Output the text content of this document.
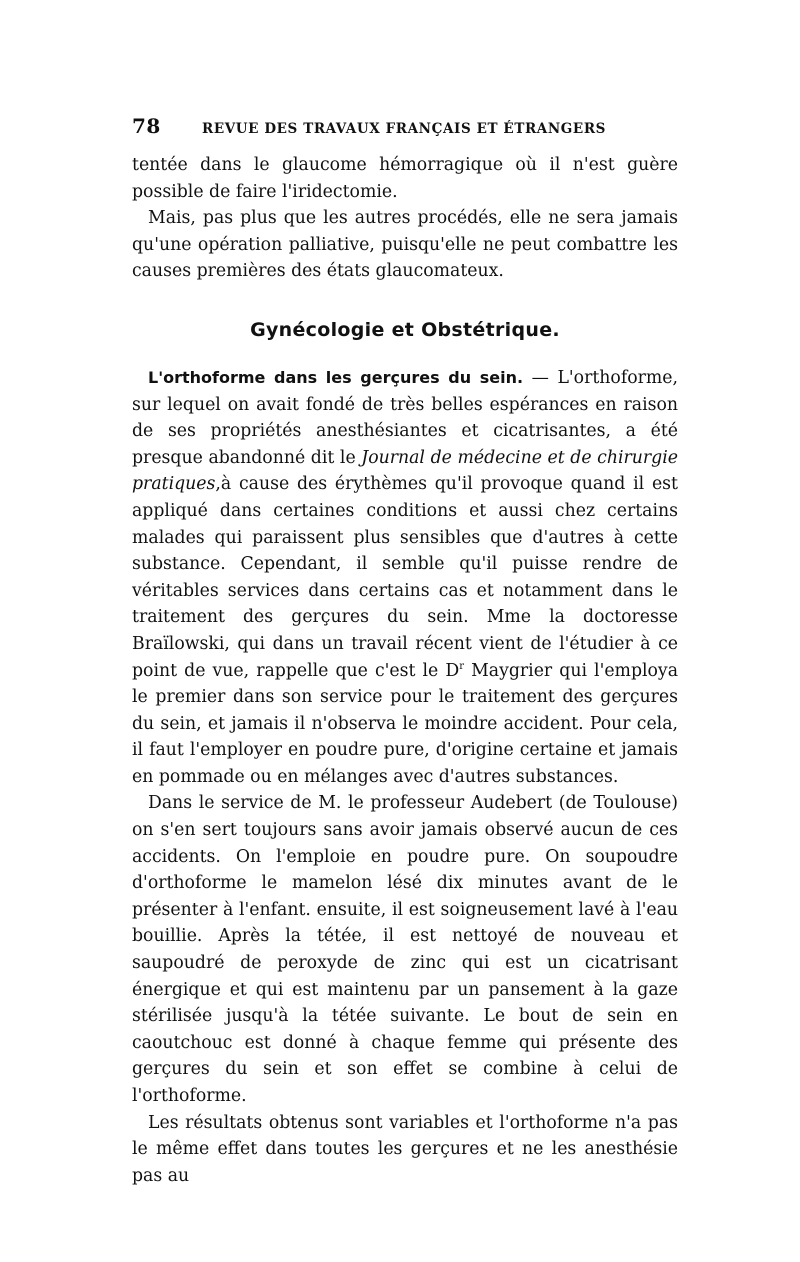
78	REVUE DES TRAVAUX FRANÇAIS ET ÉTRANGERS

tentée dans le glaucome hémorragique où il n'est guère possible de faire l'iridectomie.

Mais, pas plus que les autres procédés, elle ne sera jamais qu'une opération palliative, puisqu'elle ne peut combattre les causes premières des états glaucomateux.

Gynécologie et Obstétrique.

L'orthoforme dans les gerçures du sein. — L'orthoforme, sur lequel on avait fondé de très belles espérances en raison de ses propriétés anesthésiantes et cicatrisantes, a été presque abandonné dit le Journal de médecine et de chirurgie pratiques,à cause des érythèmes qu'il provoque quand il est appliqué dans certaines conditions et aussi chez certains malades qui paraissent plus sensibles que d'autres à cette substance. Cependant, il semble qu'il puisse rendre de véritables services dans certains cas et notamment dans le traitement des gerçures du sein. Mme la doctoresse Braïlowski, qui dans un travail récent vient de l'étudier à ce point de vue, rappelle que c'est le $D^r$ Maygrier qui l'employa le premier dans son service pour le traitement des gerçures du sein, et jamais il n'observa le moindre accident. Pour cela, il faut l'employer en poudre pure, d'origine certaine et jamais en pommade ou en mélanges avec d'autres substances.

Dans le service de M. le professeur Audebert (de Toulouse) on s'en sert toujours sans avoir jamais observé aucun de ces accidents. On l'emploie en poudre pure. On soupoudre d'orthoforme le mamelon lésé dix minutes avant de le présenter à l'enfant. ensuite, il est soigneusement lavé à l'eau bouillie. Après la tétée, il est nettoyé de nouveau et saupoudré de peroxyde de zinc qui est un cicatrisant énergique et qui est maintenu par un pansement à la gaze stérilisée jusqu'à la tétée suivante. Le bout de sein en caoutchouc est donné à chaque femme qui présente des gerçures du sein et son effet se combine à celui de l'orthoforme.

Les résultats obtenus sont variables et l'orthoforme n'a pas le même effet dans toutes les gerçures et ne les anesthésie pas au
